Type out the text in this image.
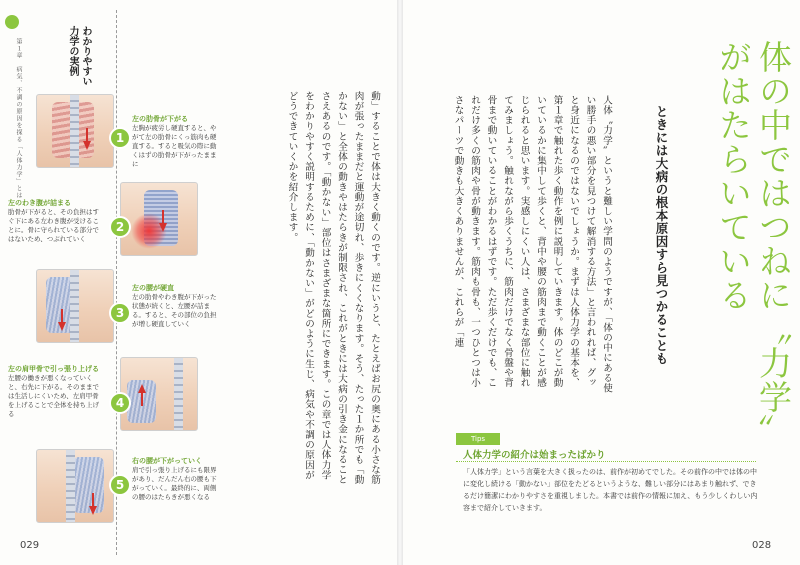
第１章　病気、不調の原因を探る「人体力学」とは	わかりやすい
力学の実例
1
左の肋骨が下がる
左胸が疲労し硬直すると、やがて左の肋骨にくっ筋肉も硬直する。すると吸気の際に動くはずの肋骨が下がったままに
2
左のわき腹が詰まる
肋骨が下がると、その負担はすぐ下にある左わき腹が受けることに。骨に守られている部分ではないため、つぶれていく
3
左の腰が硬直
左の肋骨やわき腹が下がった状態が続くと、左腰が詰まる。すると、その部位の負担が増し硬直していく
4
左の肩甲骨で引っ張り上げる
左腰の働きが悪くなっていくと、右先に下がる。そのままでは生活しにくいため、左肩甲骨を上げることで全体を持ち上げる
5
右の腰が下がっていく
肩で引っ張り上げるにも限界があり、だんだん右の腰も下がっていく。最終的に、両側の腰のはたらきが悪くなる
動」することで体は大きく動くのです。逆にいうと、たとえばお尻の奥にある小さな筋肉が張ったままだと運動が途切れ、歩きにくくなります。そう、たった１か所でも「動かない」と全体の動きやはたらきが制限され、これがときには大病の引き金になることさえあるのです。「動かない」部位はさまざまな箇所にできます。この章では人体力学をわかりやすく説明するために、「動かない」がどのように生じ、病気や不調の原因がどうできていくかを紹介します。
029
体の中ではつねに〝力学〟がはたらいている
ときには大病の根本原因すら見つかることも
人体〝力学〟というと難しい学問のようですが、「体の中にある使い勝手の悪い部分を見つけて解消する方法」と言われれば、グッと身近になるのではないでしょうか。まずは人体力学の基本を、第１章で触れた歩く動作を例に説明していきます。体のどこが動いているかに集中して歩くと、背中や腰の筋肉まで動くことが感じられると思います。実感しにくい人は、さまざまな部位に触れてみましょう。触れながら歩くうちに、筋肉だけでなく骨盤や背骨まで動いていることがわかるはずです。ただ歩くだけでも、これだけ多くの筋肉や骨が動きます。筋肉も骨も、一つひとつは小さなパーツで動きも大きくありませんが、これらが「連
Tips
人体力学の紹介は始まったばかり
「人体力学」という言葉を大きく扱ったのは、前作が初めてでした。その前作の中では体の中に変化し続ける「動かない」部位をたどるというような、難しい部分にはあまり触れず、できるだけ簡潔にわかりやすさを重視しました。本書では前作の情報に加え、もう少しくわしい内容まで紹介していきます。
028
